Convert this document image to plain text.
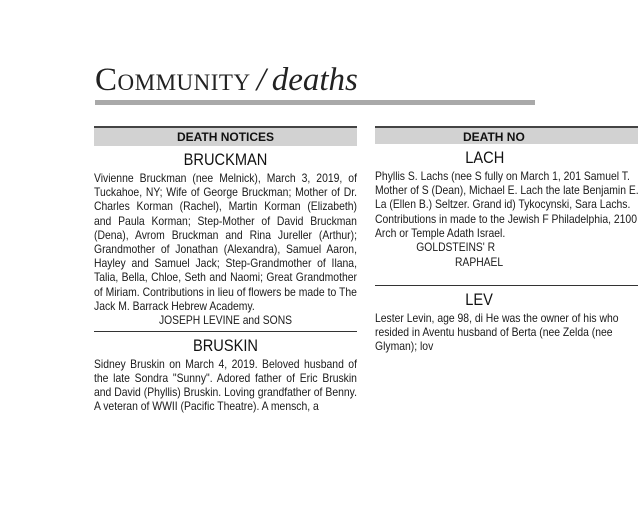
Community / deaths
DEATH NOTICES
BRUCKMAN
Vivienne Bruckman (nee Melnick), March 3, 2019, of Tuckahoe, NY; Wife of George Bruckman; Mother of Dr. Charles Korman (Rachel), Martin Korman (Elizabeth) and Paula Korman; Step-Mother of David Bruckman (Dena), Avrom Bruckman and Rina Jureller (Arthur); Grandmother of Jonathan (Alexandra), Samuel Aaron, Hayley and Samuel Jack; Step-Grandmother of Ilana, Talia, Bella, Chloe, Seth and Naomi; Great Grandmother of Miriam. Contributions in lieu of flowers be made to The Jack M. Barrack Hebrew Academy.
JOSEPH LEVINE and SONS
BRUSKIN
Sidney Bruskin on March 4, 2019. Beloved husband of the late Sondra "Sunny". Adored father of Eric Bruskin and David (Phyllis) Bruskin. Loving grandfather of Benny. A veteran of WWII (Pacific Theatre). A mensch, a
DEATH NO
LACH
Phyllis S. Lachs (nee S fully on March 1, 201 Samuel T. Mother of S (Dean), Michael E. Lach the late Benjamin E. La (Ellen B.) Seltzer. Grand id) Tykocynski, Sara Lachs. Contributions in made to the Jewish F Philadelphia, 2100 Arch or Temple Adath Israel.
GOLDSTEINS' R
RAPHAEL
LEV
Lester Levin, age 98, di He was the owner of his who resided in Aventu husband of Berta (nee Zelda (nee Glyman); lov
